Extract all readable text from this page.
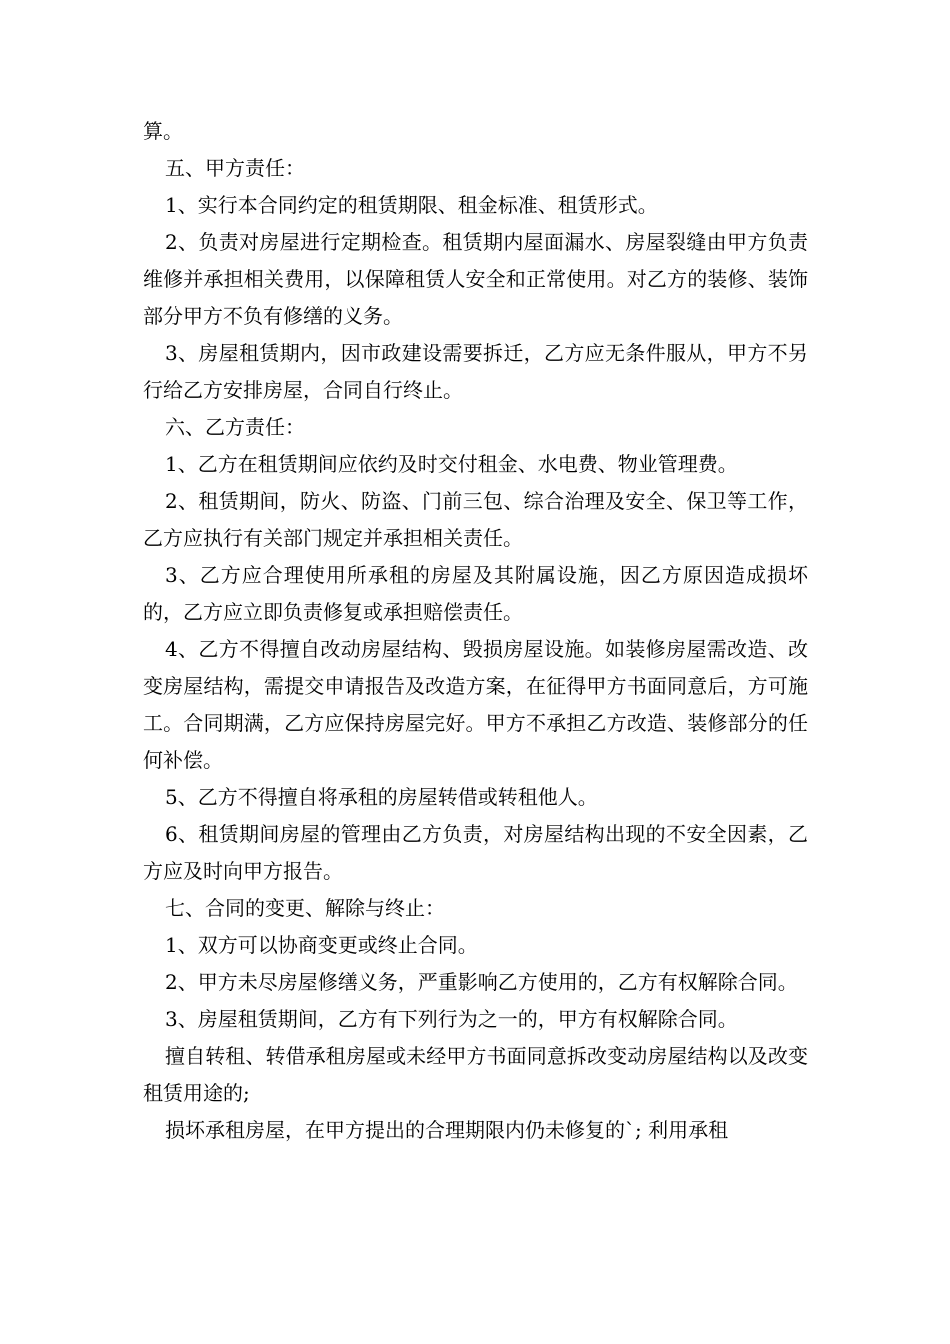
算。

五、甲方责任：

1、实行本合同约定的租赁期限、租金标准、租赁形式。

2、负责对房屋进行定期检查。租赁期内屋面漏水、房屋裂缝由甲方负责维修并承担相关费用，以保障租赁人安全和正常使用。对乙方的装修、装饰部分甲方不负有修缮的义务。

3、房屋租赁期内，因市政建设需要拆迁，乙方应无条件服从，甲方不另行给乙方安排房屋，合同自行终止。

六、乙方责任：

1、乙方在租赁期间应依约及时交付租金、水电费、物业管理费。

2、租赁期间，防火、防盗、门前三包、综合治理及安全、保卫等工作，乙方应执行有关部门规定并承担相关责任。

3、乙方应合理使用所承租的房屋及其附属设施，因乙方原因造成损坏的，乙方应立即负责修复或承担赔偿责任。

4、乙方不得擅自改动房屋结构、毁损房屋设施。如装修房屋需改造、改变房屋结构，需提交申请报告及改造方案，在征得甲方书面同意后，方可施工。合同期满，乙方应保持房屋完好。甲方不承担乙方改造、装修部分的任何补偿。

5、乙方不得擅自将承租的房屋转借或转租他人。

6、租赁期间房屋的管理由乙方负责，对房屋结构出现的不安全因素，乙方应及时向甲方报告。

七、合同的变更、解除与终止：

1、双方可以协商变更或终止合同。

2、甲方未尽房屋修缮义务，严重影响乙方使用的，乙方有权解除合同。

3、房屋租赁期间，乙方有下列行为之一的，甲方有权解除合同。

擅自转租、转借承租房屋或未经甲方书面同意拆改变动房屋结构以及改变租赁用途的;

损坏承租房屋，在甲方提出的合理期限内仍未修复的`; 利用承租
